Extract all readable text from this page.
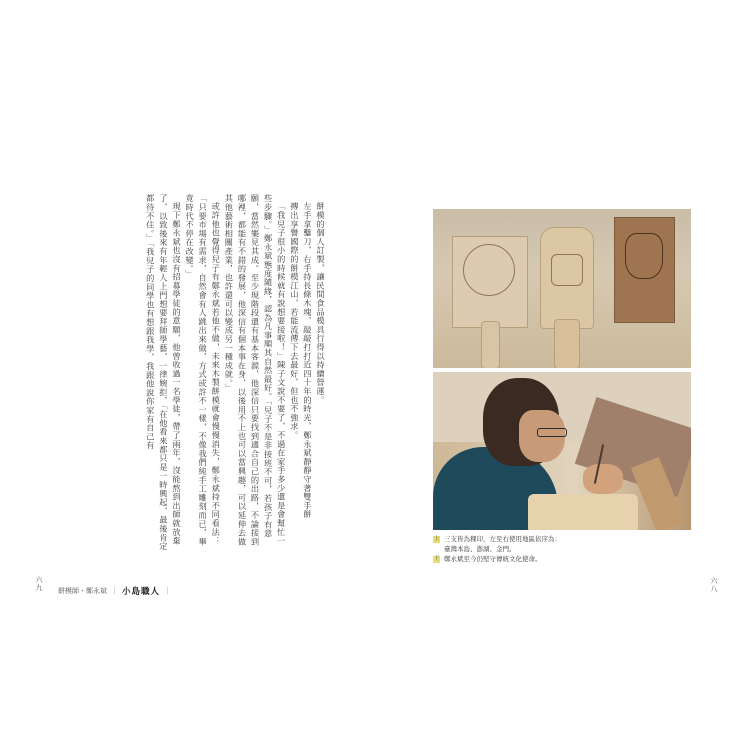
餅模的個人訂製，讓民間食品模具行得以持續營運。

左手拿鑿刀，右手持長條木塊，敲敲打打近四十年的時光，鄭永斌靜靜守著雙手餅

摶出享譽國際的餅模江山，若能流傳下去最好，但也不強求。

「我兒子很小的時候就有說想要接啦！」陳子文說不要了，不過在家手多少還是會幫忙一些步驟。」鄭永斌態度隨緣，認為凡事順其自然最好。「兒子不是非接班不可，若孩子有意願，當然樂見其成。至少現階段還有基本客源，他深信只要找到適合自己的出路，不論接到哪裡，都能有不錯的發展，他深信有個本事在身，以後用不上也可以當興趣，可以延伸去做其他藝術相關產業，也許還可以變成另一種成就。」

或許他也覺得兒子有鄭永斌若他不做，未來木製餅模就會慢慢消失，鄭永斌持不同看法：「只要市場有需求，自然會有人跳出來做，方式或許不一樣，不像我們純手工雕刻而已，畢竟時代不停在改變。」

現下鄭永斌也沒有招募學徒的意願，他曾收過一名學徒，帶了兩年，沒能熬到出師就放棄了，以致後來有年輕人上門想要拜師學藝，一律婉拒，「在他看來都只是一時興起，最後肯定都待不住。」「我兒子的同學也有想跟我學，我跟他說你家有自己有

六九	六八
餅模師・鄭永斌 ｜ 小島職人 ｜
上 三支皆為稞印，左至右使用地區依序為：
臺灣本島、澎湖、金門。
下 鄭永斌至今仍堅守傳統文化使命。
